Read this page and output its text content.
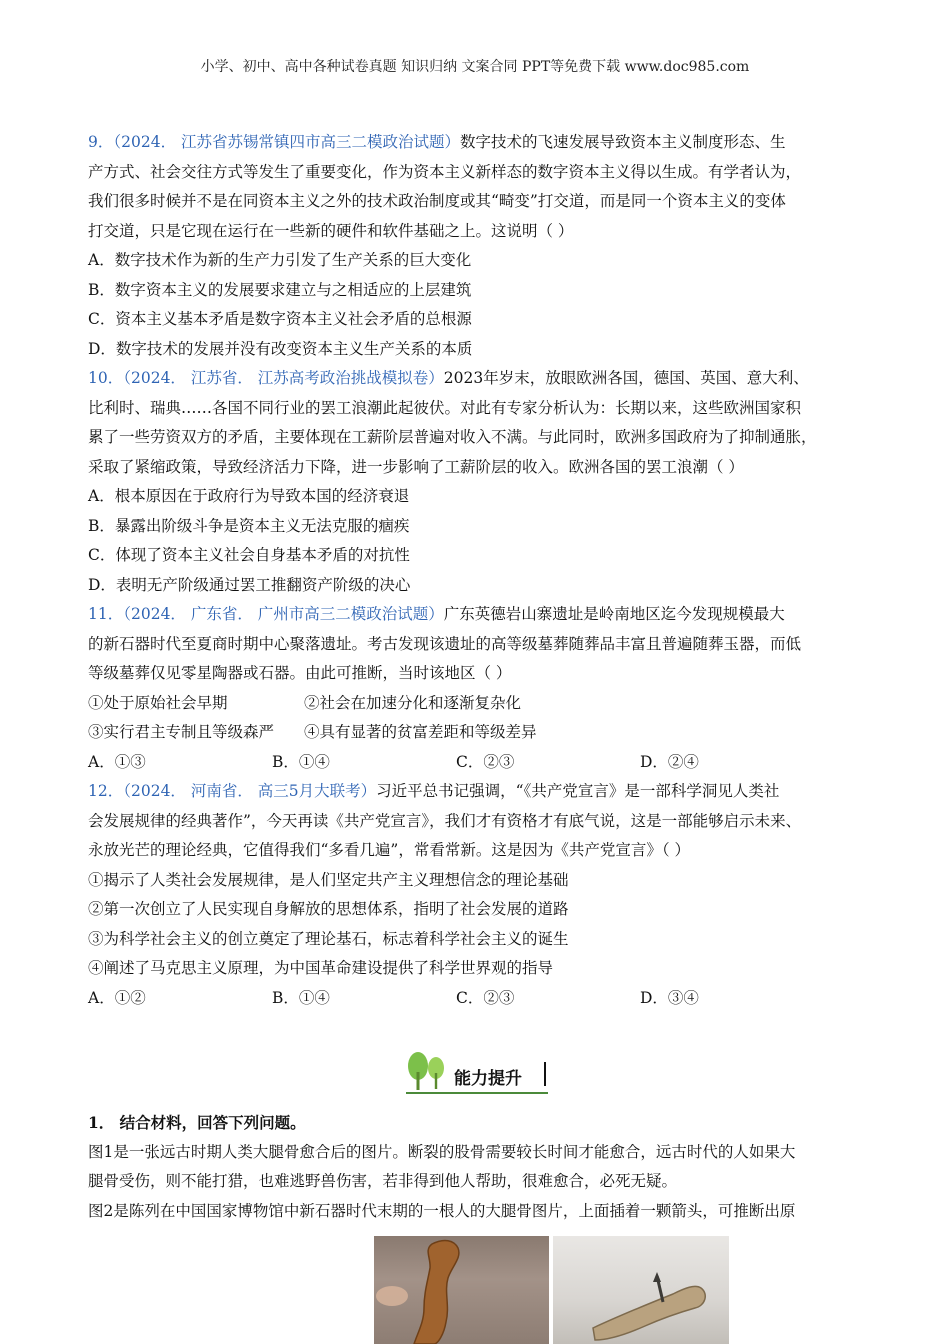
小学、初中、高中各种试卷真题 知识归纳 文案合同 PPT等免费下载 www.doc985.com
9．（2024． 江苏省苏锡常镇四市高三二模政治试题）数字技术的飞速发展导致资本主义制度形态、生
产方式、社会交往方式等发生了重要变化，作为资本主义新样态的数字资本主义得以生成。有学者认为，
我们很多时候并不是在同资本主义之外的技术政治制度或其“畸变”打交道，而是同一个资本主义的变体
打交道，只是它现在运行在一些新的硬件和软件基础之上。这说明（ ）
A．数字技术作为新的生产力引发了生产关系的巨大变化
B．数字资本主义的发展要求建立与之相适应的上层建筑
C．资本主义基本矛盾是数字资本主义社会矛盾的总根源
D．数字技术的发展并没有改变资本主义生产关系的本质
10．（2024． 江苏省． 江苏高考政治挑战模拟卷）2023年岁末，放眼欧洲各国，德国、英国、意大利、
比利时、瑞典……各国不同行业的罢工浪潮此起彼伏。对此有专家分析认为：长期以来，这些欧洲国家积
累了一些劳资双方的矛盾，主要体现在工薪阶层普遍对收入不满。与此同时，欧洲多国政府为了抑制通胀，
采取了紧缩政策，导致经济活力下降，进一步影响了工薪阶层的收入。欧洲各国的罢工浪潮（ ）
A．根本原因在于政府行为导致本国的经济衰退
B．暴露出阶级斗争是资本主义无法克服的痼疾
C．体现了资本主义社会自身基本矛盾的对抗性
D．表明无产阶级通过罢工推翻资产阶级的决心
11．（2024． 广东省． 广州市高三二模政治试题）广东英德岩山寨遗址是岭南地区迄今发现规模最大
的新石器时代至夏商时期中心聚落遗址。考古发现该遗址的高等级墓葬随葬品丰富且普遍随葬玉器，而低
等级墓葬仅见零星陶器或石器。由此可推断，当时该地区（ ）
①处于原始社会早期	②社会在加速分化和逐渐复杂化
③实行君主专制且等级森严	④具有显著的贫富差距和等级差异
A．①③	B．①④	C．②③	D．②④
12．（2024． 河南省． 高三5月大联考）习近平总书记强调，“《共产党宣言》是一部科学洞见人类社
会发展规律的经典著作”，今天再读《共产党宣言》，我们才有资格才有底气说，这是一部能够启示未来、
永放光芒的理论经典，它值得我们“多看几遍”，常看常新。这是因为《共产党宣言》（ ）
①揭示了人类社会发展规律，是人们坚定共产主义理想信念的理论基础
②第一次创立了人民实现自身解放的思想体系，指明了社会发展的道路
③为科学社会主义的创立奠定了理论基石，标志着科学社会主义的诞生
④阐述了马克思主义原理，为中国革命建设提供了科学世界观的指导
A．①②	B．①④	C．②③	D．③④
能力提升
1． 结合材料，回答下列问题。
图1是一张远古时期人类大腿骨愈合后的图片。断裂的股骨需要较长时间才能愈合，远古时代的人如果大
腿骨受伤，则不能打猎，也难逃野兽伤害，若非得到他人帮助，很难愈合，必死无疑。
图2是陈列在中国国家博物馆中新石器时代末期的一根人的大腿骨图片，上面插着一颗箭头，可推断出原
